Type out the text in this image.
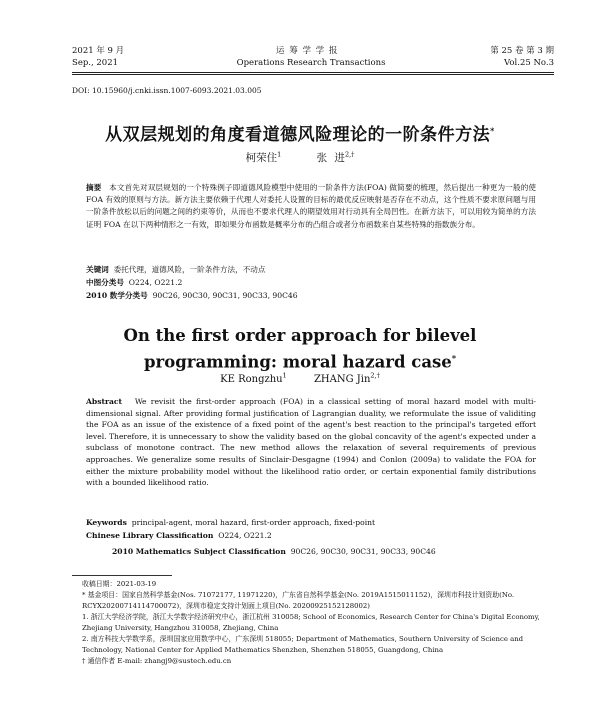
2021 年 9 月	运 筹 学 学 报	第 25 卷 第 3 期
Sep., 2021	Operations Research Transactions	Vol.25 No.3
DOI: 10.15960/j.cnki.issn.1007-6093.2021.03.005
从双层规划的角度看道德风险理论的一阶条件方法*
柯荣住$^1$	张 进$^{2,\dagger}$
摘要 本文首先对双层规划的一个特殊例子即道德风险模型中使用的一阶条件方法(FOA) 做简要的梳理，然后提出一种更为一般的使 FOA 有效的原则与方法。新方法主要依赖于代理人对委托人设置的目标的最优反应映射是否存在不动点，这个性质不要求原问题与用一阶条件放松以后的问题之间的约束等价，从而也不要求代理人的期望效用对行动具有全局凹性。在新方法下，可以用较为简单的方法证明 FOA 在以下两种情形之一有效，即如果分布函数是概率分布的凸组合或者分布函数来自某些特殊的指数族分布。
关键词 委托代理，道德风险，一阶条件方法，不动点
中图分类号 O224, O221.2
2010 数学分类号 90C26, 90C30, 90C31, 90C33, 90C46
On the first order approach for bilevel
programming: moral hazard case*
KE Rongzhu$^1$	ZHANG Jin$^{2,\dagger}$
Abstract We revisit the first-order approach (FOA) in a classical setting of moral hazard model with multi-dimensional signal. After providing formal justification of Lagrangian duality, we reformulate the issue of validiting the FOA as an issue of the existence of a fixed point of the agent's best reaction to the principal's targeted effort level. Therefore, it is unnecessary to show the validity based on the global concavity of the agent's expected under a subclass of monotone contract. The new method allows the relaxation of several requirements of previous approaches. We generalize some results of Sinclair-Desgagne (1994) and Conlon (2009a) to validate the FOA for either the mixture probability model without the likelihood ratio order, or certain exponential family distributions with a bounded likelihood ratio.
Keywords principal-agent, moral hazard, first-order approach, fixed-point
Chinese Library Classification O224, O221.2
2010 Mathematics Subject Classification 90C26, 90C30, 90C31, 90C33, 90C46
收稿日期：2021-03-19
* 基金项目：国家自然科学基金(Nos. 71072177, 11971220)，广东省自然科学基金(No. 2019A1515011152)，深圳市科技计划资助(No. RCYX20200714114700072)，深圳市稳定支持计划面上项目(No. 20200925152128002)
1. 浙江大学经济学院，浙江大学数字经济研究中心，浙江杭州 310058; School of Economics, Research Center for China's Digital Economy, Zhejiang University, Hangzhou 310058, Zhejiang, China
2. 南方科技大学数学系，深圳国家应用数学中心，广东深圳 518055; Department of Mathematics, Southern University of Science and Technology, National Center for Applied Mathematics Shenzhen, Shenzhen 518055, Guangdong, China
† 通信作者 E-mail: zhangj9@sustech.edu.cn
